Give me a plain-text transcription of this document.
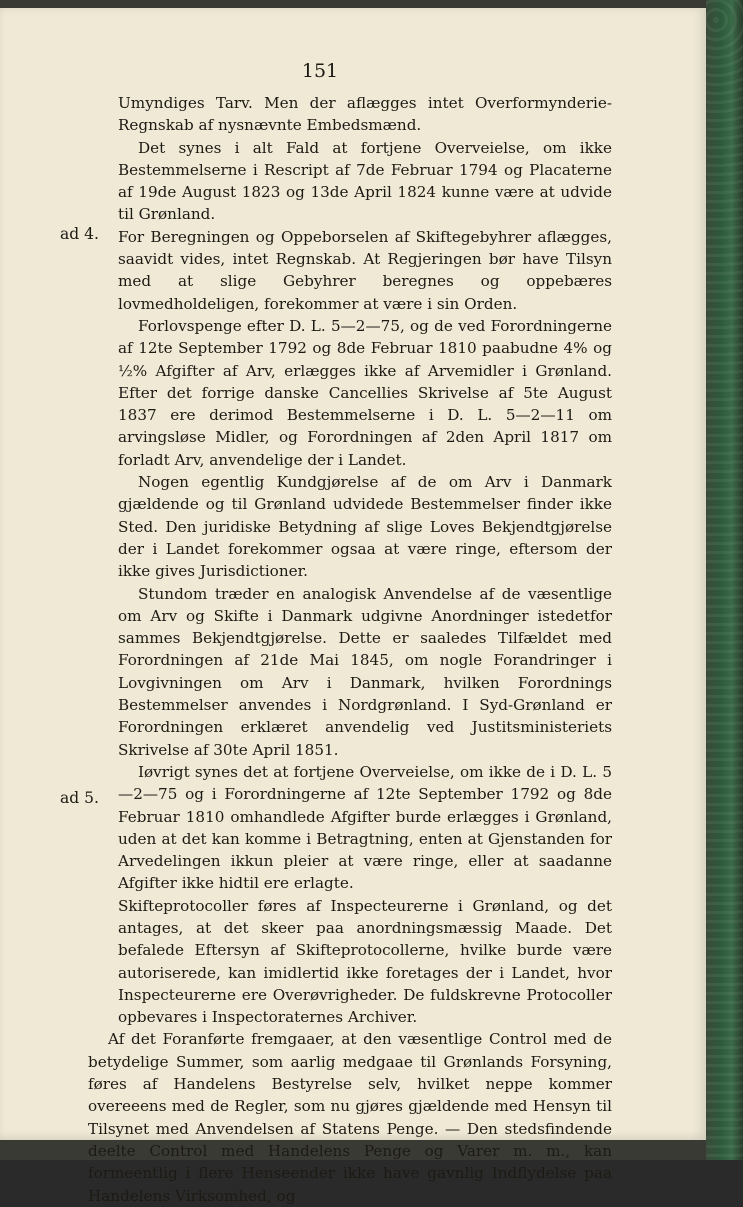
151
ad 4.
ad 5.

Umyndiges Tarv. Men der aflægges intet Overformynderie-Regnskab af nysnævnte Embedsmænd.

Det synes i alt Fald at fortjene Overveielse, om ikke Bestemmelserne i Rescript af 7de Februar 1794 og Placaterne af 19de August 1823 og 13de April 1824 kunne være at udvide til Grønland.

For Beregningen og Oppeborselen af Skiftegebyhrer aflægges, saavidt vides, intet Regnskab. At Regjeringen bør have Tilsyn med at slige Gebyhrer beregnes og oppebæres lovmedholdeligen, forekommer at være i sin Orden.

Forlovspenge efter D. L. 5—2—75, og de ved Forordningerne af 12te September 1792 og 8de Februar 1810 paabudne 4% og ½% Afgifter af Arv, erlægges ikke af Arvemidler i Grønland. Efter det forrige danske Cancellies Skrivelse af 5te August 1837 ere derimod Bestemmelserne i D. L. 5—2—11 om arvingsløse Midler, og Forordningen af 2den April 1817 om forladt Arv, anvendelige der i Landet.

Nogen egentlig Kundgjørelse af de om Arv i Danmark gjældende og til Grønland udvidede Bestemmelser finder ikke Sted. Den juridiske Betydning af slige Loves Bekjendtgjørelse der i Landet forekommer ogsaa at være ringe, eftersom der ikke gives Jurisdictioner.

Stundom træder en analogisk Anvendelse af de væsentlige om Arv og Skifte i Danmark udgivne Anordninger istedetfor sammes Bekjendtgjørelse. Dette er saaledes Tilfældet med Forordningen af 21de Mai 1845, om nogle Forandringer i Lovgivningen om Arv i Danmark, hvilken Forordnings Bestemmelser anvendes i Nordgrønland. I Syd-Grønland er Forordningen erklæret anvendelig ved Justitsministeriets Skrivelse af 30te April 1851.

Iøvrigt synes det at fortjene Overveielse, om ikke de i D. L. 5—2—75 og i Forordningerne af 12te September 1792 og 8de Februar 1810 omhandlede Afgifter burde erlægges i Grønland, uden at det kan komme i Betragtning, enten at Gjenstanden for Arvedelingen ikkun pleier at være ringe, eller at saadanne Afgifter ikke hidtil ere erlagte.

Skifteprotocoller føres af Inspecteurerne i Grønland, og det antages, at det skeer paa anordningsmæssig Maade. Det befalede Eftersyn af Skifteprotocollerne, hvilke burde være autoriserede, kan imidlertid ikke foretages der i Landet, hvor Inspecteurerne ere Overøvrigheder. De fuldskrevne Protocoller opbevares i Inspectoraternes Archiver.

Af det Foranførte fremgaaer, at den væsentlige Control med de betydelige Summer, som aarlig medgaae til Grønlands Forsyning, føres af Handelens Bestyrelse selv, hvilket neppe kommer overeeens med de Regler, som nu gjøres gjældende med Hensyn til Tilsynet med Anvendelsen af Statens Penge. — Den stedsfindende deelte Control med Handelens Penge og Varer m. m., kan formeentlig i flere Henseender ikke have gavnlig Indflydelse paa Handelens Virksomhed, og
